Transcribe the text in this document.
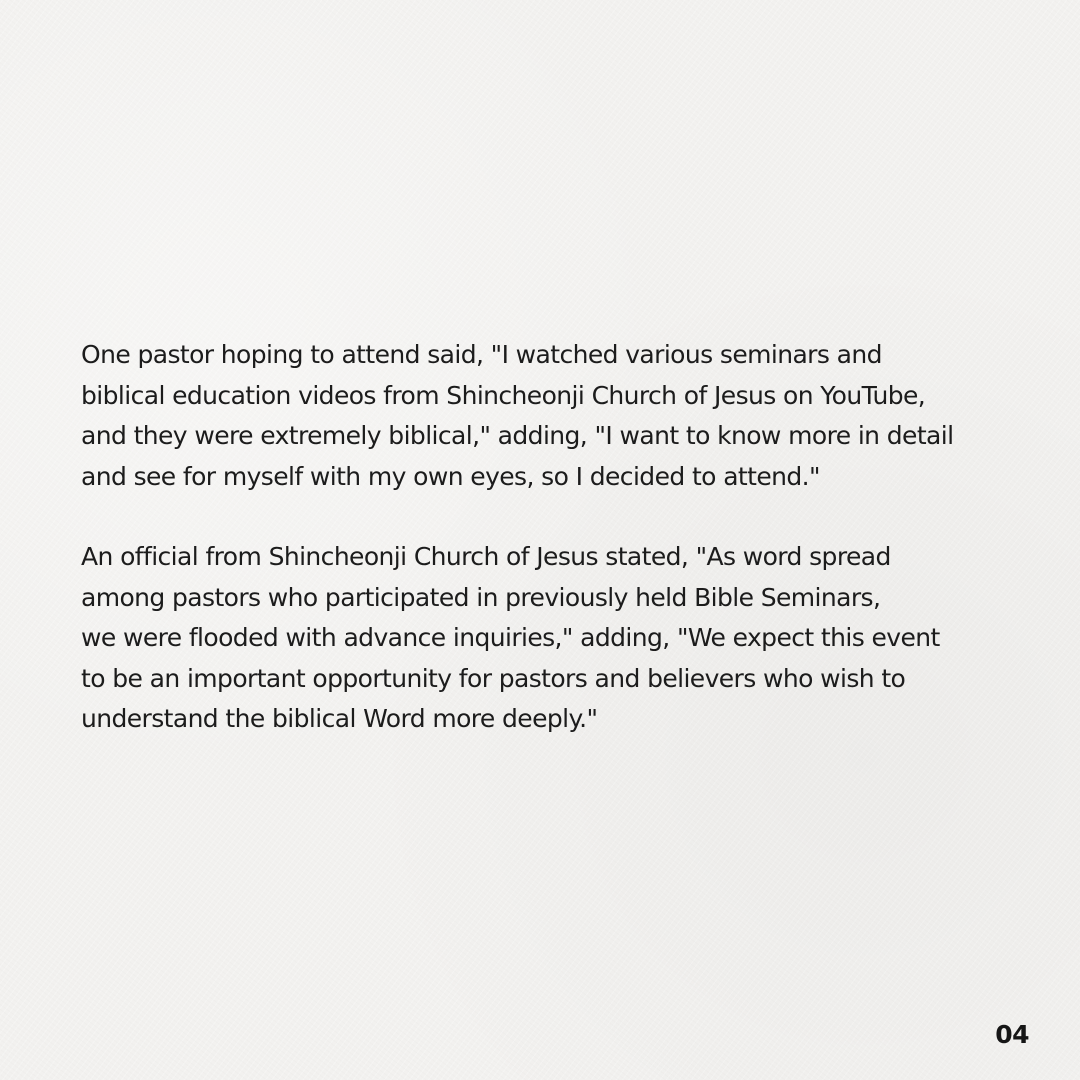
One pastor hoping to attend said, "I watched various seminars and
biblical education videos from Shincheonji Church of Jesus on YouTube,
and they were extremely biblical," adding, "I want to know more in detail
and see for myself with my own eyes, so I decided to attend."

An official from Shincheonji Church of Jesus stated, "As word spread
among pastors who participated in previously held Bible Seminars,
we were flooded with advance inquiries," adding, "We expect this event
to be an important opportunity for pastors and believers who wish to
understand the biblical Word more deeply."

04
